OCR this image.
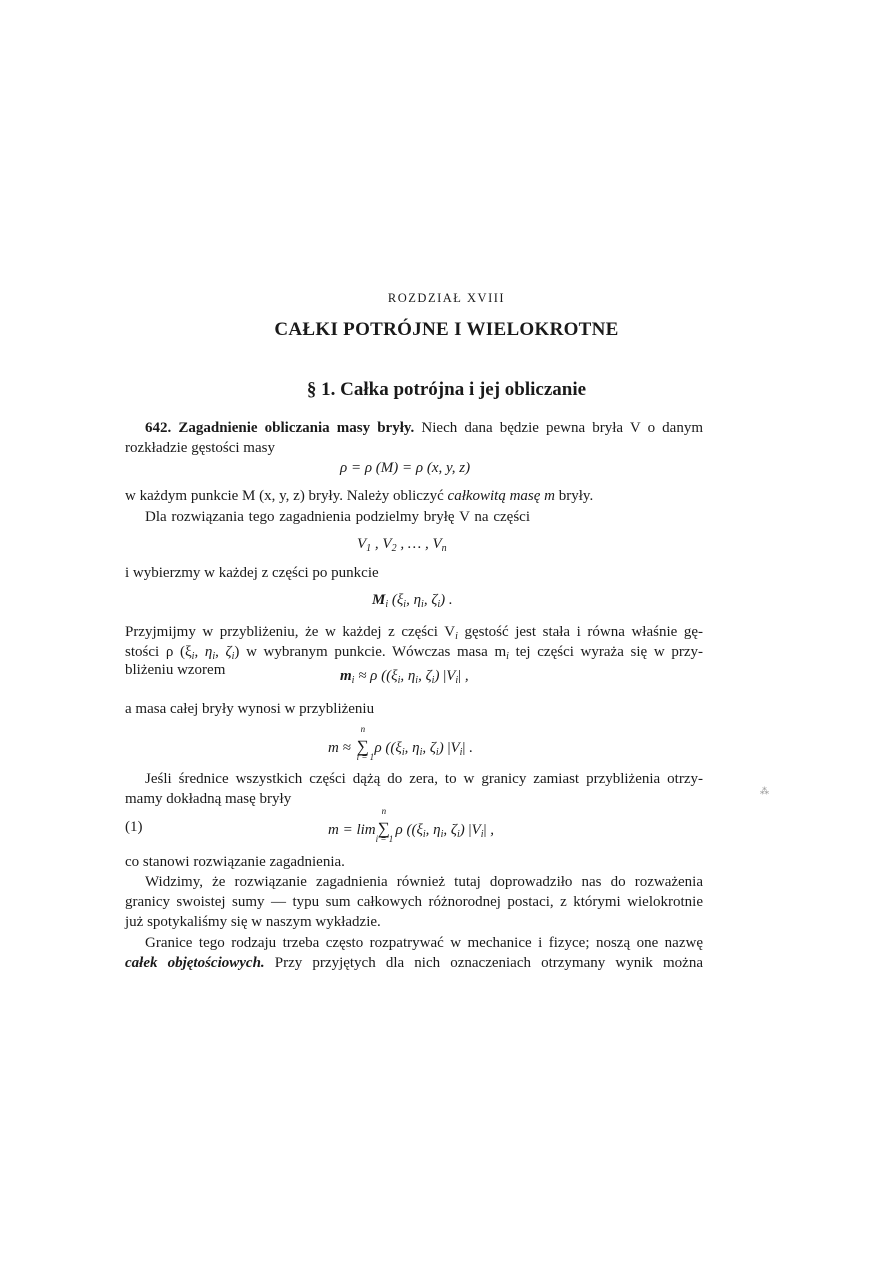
ROZDZIAŁ XVIII
CAŁKI POTRÓJNE I WIELOKROTNE
§ 1. Całka potrójna i jej obliczanie
642. Zagadnienie obliczania masy bryły. Niech dana będzie pewna bryła V o danym
rozkładzie gęstości masy
ρ = ρ (M) = ρ (x, y, z)
w każdym punkcie M (x, y, z) bryły. Należy obliczyć całkowitą masę m bryły.
Dla rozwiązania tego zagadnienia podzielmy bryłę V na części
$V_1$ , $V_2$ , … , $V_n$
i wybierzmy w każdej z części po punkcie
$M_i$ ($\xi_i$, $\eta_i$, $\zeta_i$) .
Przyjmijmy w przybliżeniu, że w każdej z części $V_i$ gęstość jest stała i równa właśnie gę-
stości ρ ($\xi_i$, $\eta_i$, $\zeta_i$) w wybranym punkcie. Wówczas masa $m_i$ tej części wyraża się w przy-
bliżeniu wzorem	$m_i \approx \rho$ (($\xi_i$, $\eta_i$, $\zeta_i$) $|V_i|$ ,
a masa całej bryły wynosi w przybliżeniu
m ≈ ∑
n
i = 1
ρ (($\xi_i$, $\eta_i$, $\zeta_i$) $|V_i|$ .
Jeśli średnice wszystkich części dążą do zera, to w granicy zamiast przybliżenia otrzy-
mamy dokładną masę bryły	⁂
(1)	m = lim ∑
n
i = 1
ρ (($\xi_i$, $\eta_i$, $\zeta_i$) $|V_i|$ ,
co stanowi rozwiązanie zagadnienia.
Widzimy, że rozwiązanie zagadnienia również tutaj doprowadziło nas do rozważenia
granicy swoistej sumy — typu sum całkowych różnorodnej postaci, z którymi wielokrotnie
już spotykaliśmy się w naszym wykładzie.
Granice tego rodzaju trzeba często rozpatrywać w mechanice i fizyce; noszą one nazwę
całek objętościowych. Przy przyjętych dla nich oznaczeniach otrzymany wynik można
